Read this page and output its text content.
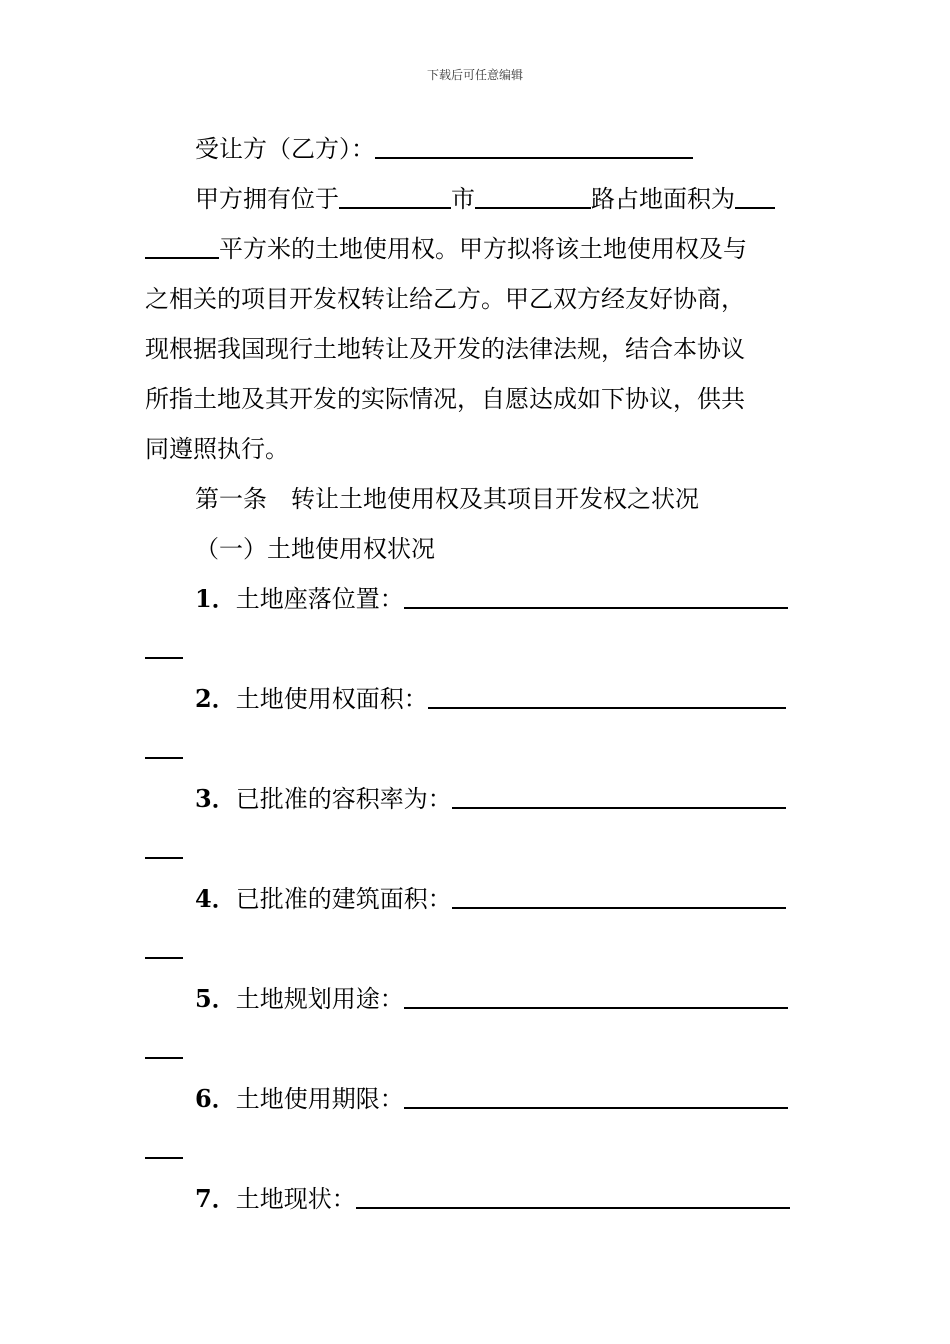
下载后可任意编辑
受让方（乙方）：
甲方拥有位于	市	路占地面积为
平方米的土地使用权。甲方拟将该土地使用权及与
之相关的项目开发权转让给乙方。甲乙双方经友好协商，
现根据我国现行土地转让及开发的法律法规，结合本协议
所指土地及其开发的实际情况，自愿达成如下协议，供共
同遵照执行。
第一条　转让土地使用权及其项目开发权之状况
（一）土地使用权状况
1．土地座落位置：
2．土地使用权面积：
3．已批准的容积率为：
4．已批准的建筑面积：
5．土地规划用途：
6．土地使用期限：
7．土地现状：
